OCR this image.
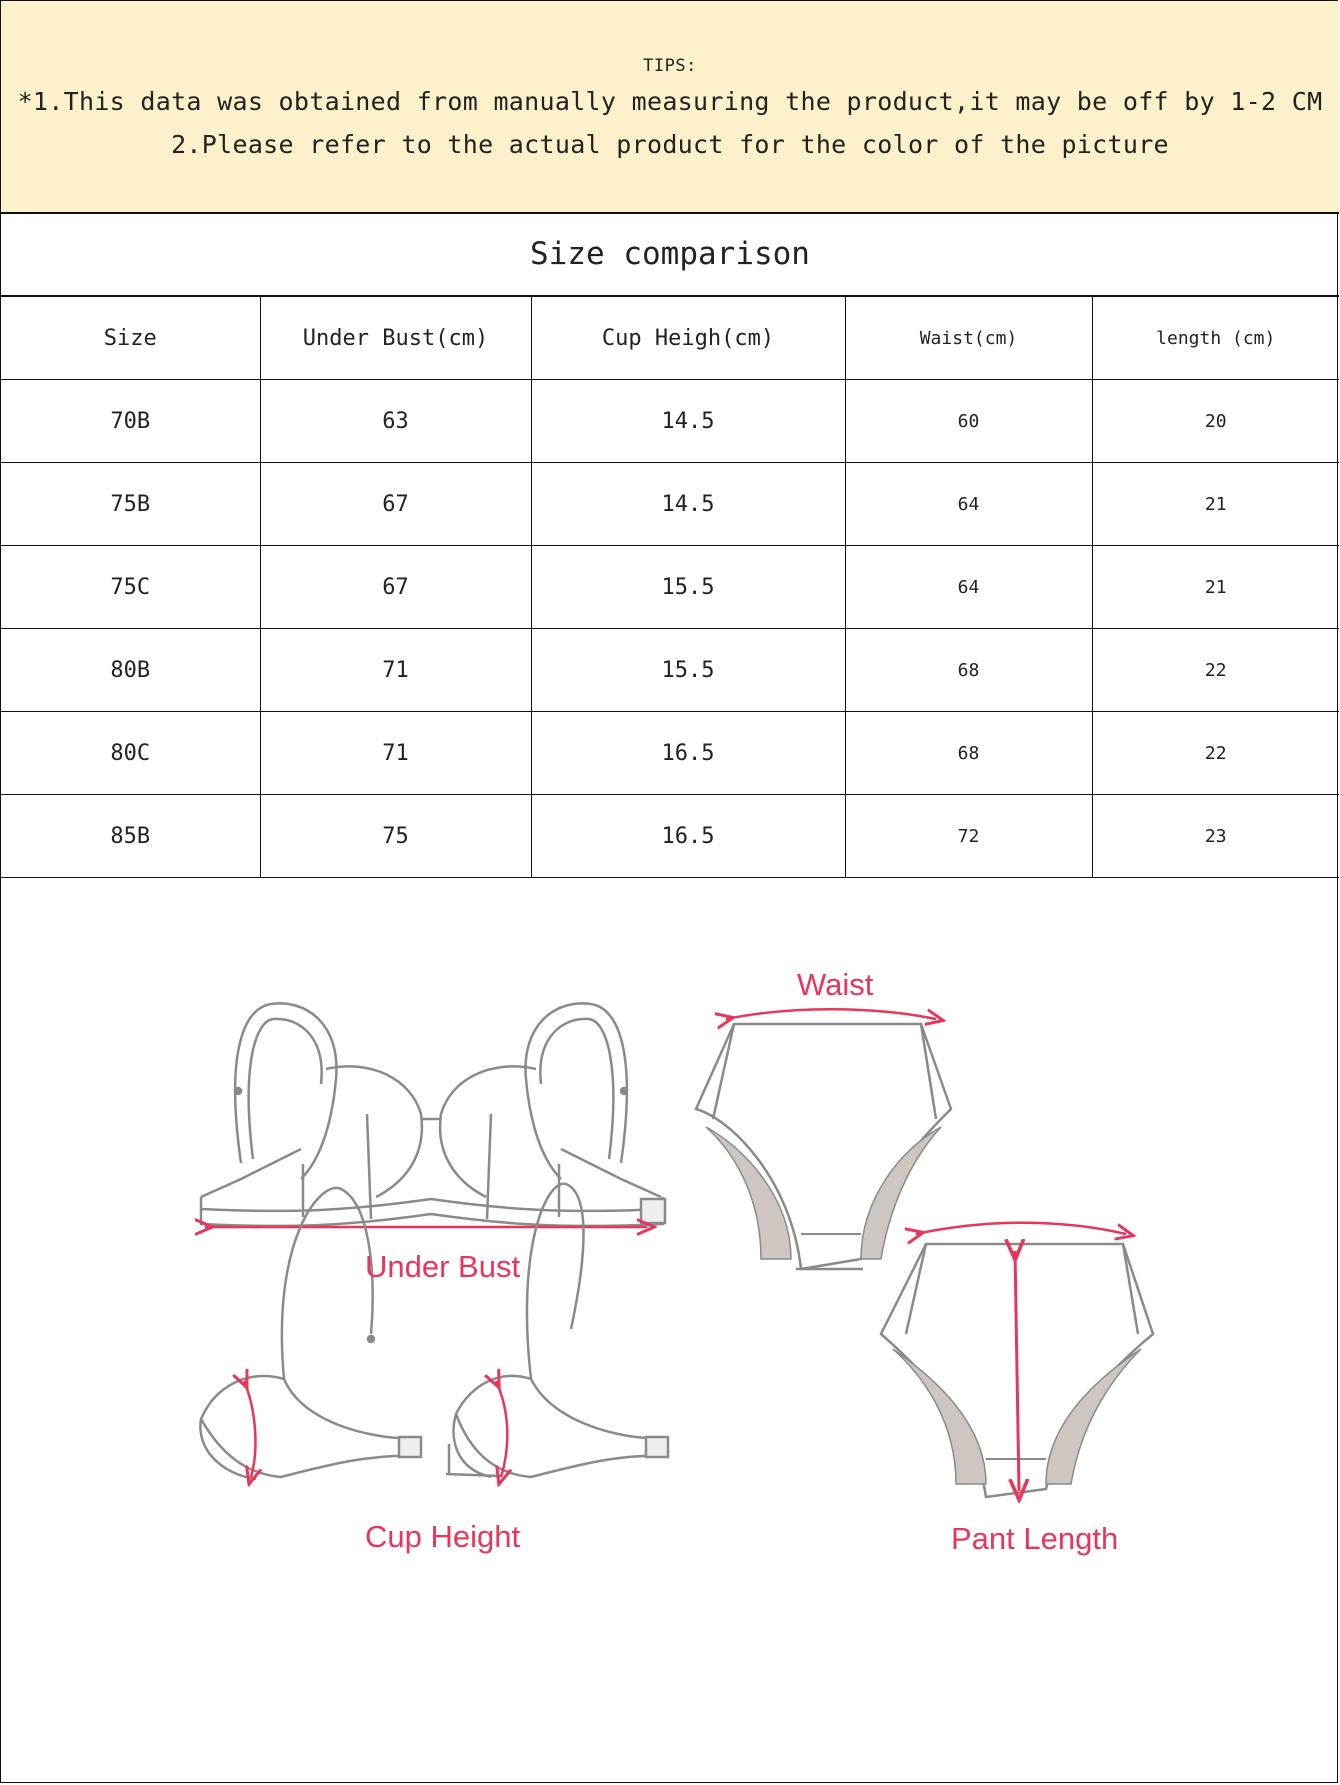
TIPS:
*1.This data was obtained from manually measuring the product,it may be off by 1-2 CM
2.Please refer to the actual product for the color of the picture
Size comparison
Size	Under Bust(cm)	Cup Heigh(cm)	Waist(cm)	length (cm)
70B	63	14.5	60	20
75B	67	14.5	64	21
75C	67	15.5	64	21
80B	71	15.5	68	22
80C	71	16.5	68	22
85B	75	16.5	72	23
Under Bust
Cup Height
Waist
Pant Length
